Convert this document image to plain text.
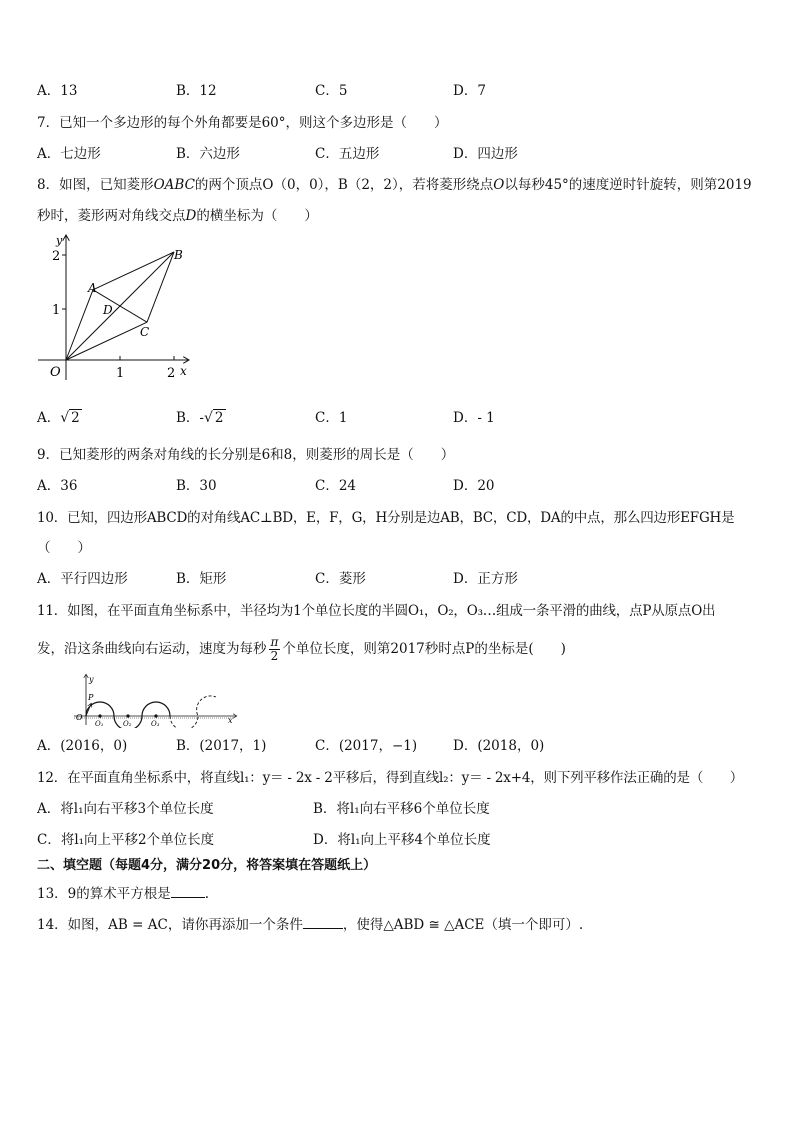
A．13	B．12	C．5	D．7
7．已知一个多边形的每个外角都要是60°，则这个多边形是（　　）
A．七边形	B．六边形	C．五边形	D．四边形
8．如图，已知菱形OABC的两个顶点O（0，0），B（2，2），若将菱形绕点O以每秒45°的速度逆时针旋转，则第2019
秒时，菱形两对角线交点D的横坐标为（　　）
y
x
O	1	2
1
2
A
B
C
D
A．√ 2	B．-√ 2	C．1	D．- 1
9．已知菱形的两条对角线的长分别是6和8，则菱形的周长是（　　）
A．36	B．30	C．24	D．20
10．已知，四边形ABCD的对角线AC⊥BD，E，F，G，H分别是边AB，BC，CD，DA的中点，那么四边形EFGH是
（　　）
A．平行四边形	B．矩形	C．菱形	D．正方形
11．如图，在平面直角坐标系中，半径均为1个单位长度的半圆O₁，O₂，O₃…组成一条平滑的曲线，点P从原点O出
发，沿这条曲线向右运动，速度为每秒 $\frac{\pi}{2}$ 个单位长度，则第2017秒时点P的坐标是(　　)
y
x
O
P
O₁	O₂	O₃
A．(2016，0)	B．(2017，1)	C．(2017，−1)	D．(2018，0)
12．在平面直角坐标系中，将直线l₁：y＝ - 2x - 2平移后，得到直线l₂：y＝ - 2x+4，则下列平移作法正确的是（　　）
A．将l₁向右平移3个单位长度	B．将l₁向右平移6个单位长度
C．将l₁向上平移2个单位长度	D．将l₁向上平移4个单位长度
二、填空题（每题4分，满分20分，将答案填在答题纸上）
13．9的算术平方根是	.
14．如图，AB = AC，请你再添加一个条件	，使得△ABD ≅ △ACE（填一个即可）.
